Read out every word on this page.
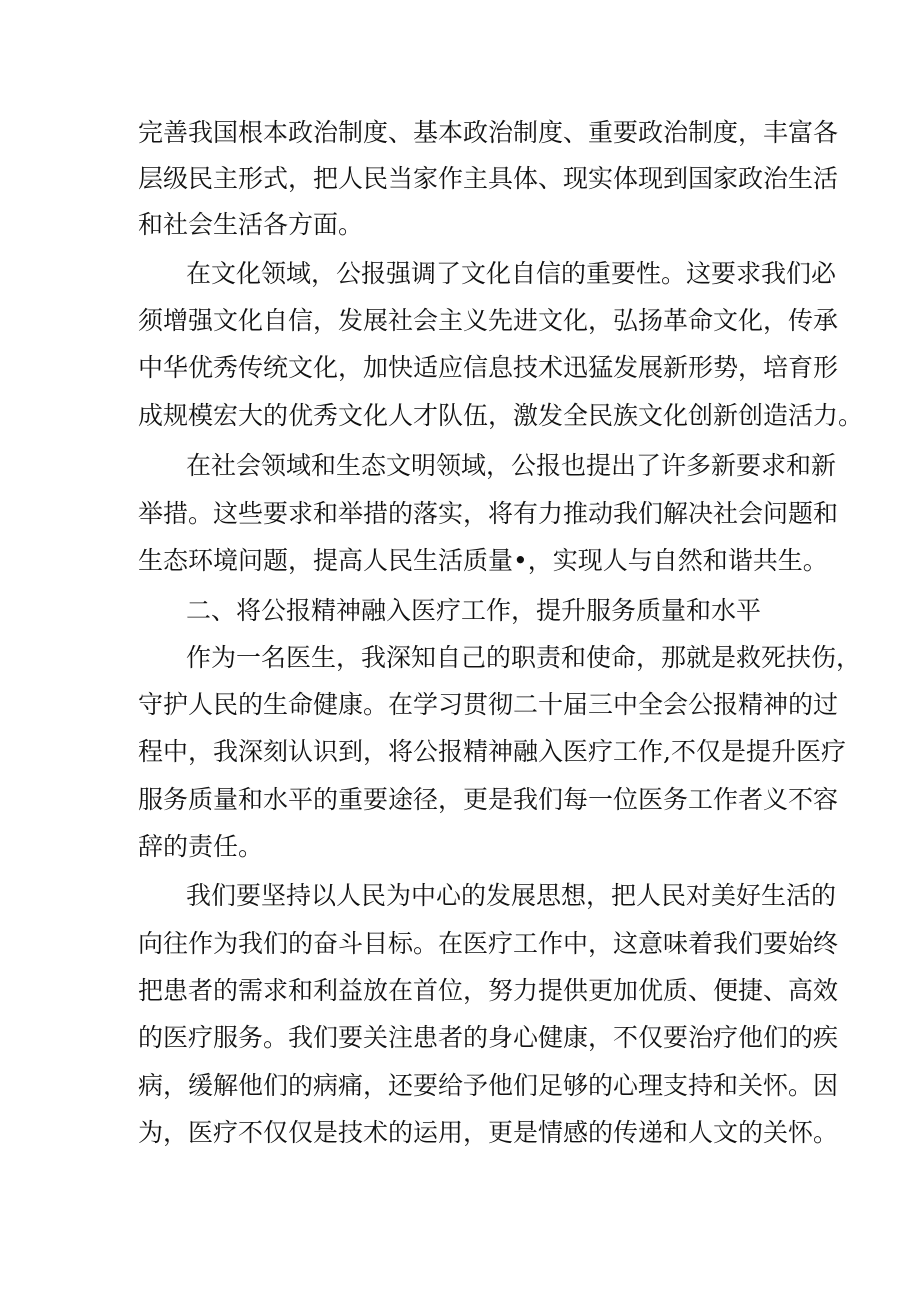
完善我国根本政治制度、基本政治制度、重要政治制度，丰富各

层级民主形式，把人民当家作主具体、现实体现到国家政治生活

和社会生活各方面。

在文化领域，公报强调了文化自信的重要性。这要求我们必

须增强文化自信，发展社会主义先进文化，弘扬革命文化，传承

中华优秀传统文化，加快适应信息技术迅猛发展新形势，培育形

成规模宏大的优秀文化人才队伍，激发全民族文化创新创造活力。

在社会领域和生态文明领域，公报也提出了许多新要求和新

举措。这些要求和举措的落实，将有力推动我们解决社会问题和

生态环境问题，提高人民生活质量•，实现人与自然和谐共生。

二、将公报精神融入医疗工作，提升服务质量和水平

作为一名医生，我深知自己的职责和使命，那就是救死扶伤，

守护人民的生命健康。在学习贯彻二十届三中全会公报精神的过

程中，我深刻认识到，将公报精神融入医疗工作,不仅是提升医疗

服务质量和水平的重要途径，更是我们每一位医务工作者义不容

辞的责任。

我们要坚持以人民为中心的发展思想，把人民对美好生活的

向往作为我们的奋斗目标。在医疗工作中，这意味着我们要始终

把患者的需求和利益放在首位，努力提供更加优质、便捷、高效

的医疗服务。我们要关注患者的身心健康，不仅要治疗他们的疾

病，缓解他们的病痛，还要给予他们足够的心理支持和关怀。因

为，医疗不仅仅是技术的运用，更是情感的传递和人文的关怀。
